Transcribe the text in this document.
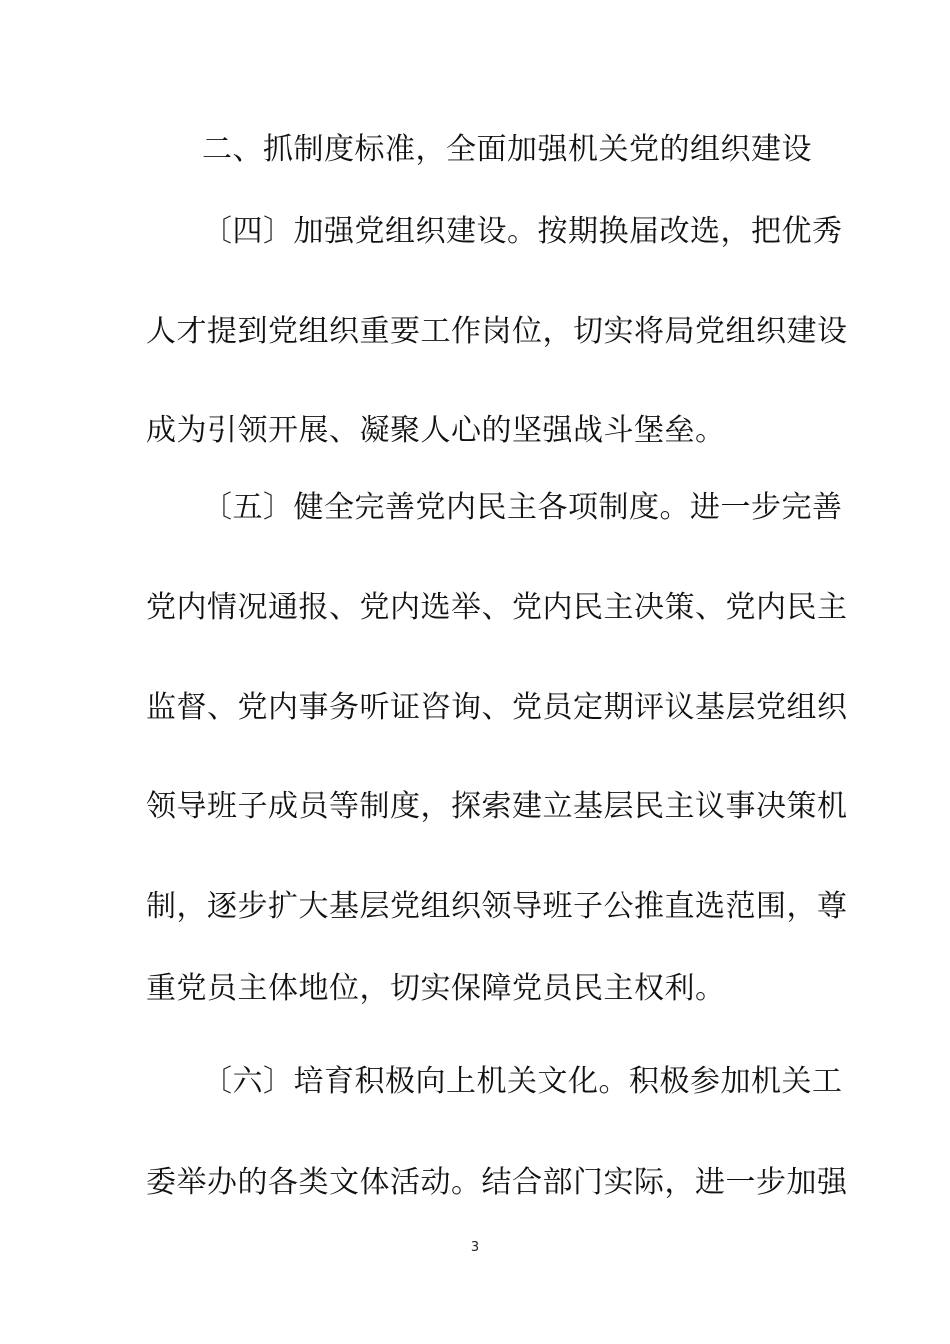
二、抓制度标准，全面加强机关党的组织建设
〔四〕加强党组织建设。按期换届改选，把优秀
人才提到党组织重要工作岗位，切实将局党组织建设
成为引领开展、凝聚人心的坚强战斗堡垒。
〔五〕健全完善党内民主各项制度。进一步完善
党内情况通报、党内选举、党内民主决策、党内民主
监督、党内事务听证咨询、党员定期评议基层党组织
领导班子成员等制度，探索建立基层民主议事决策机
制，逐步扩大基层党组织领导班子公推直选范围，尊
重党员主体地位，切实保障党员民主权利。
〔六〕培育积极向上机关文化。积极参加机关工
委举办的各类文体活动。结合部门实际，进一步加强
3
